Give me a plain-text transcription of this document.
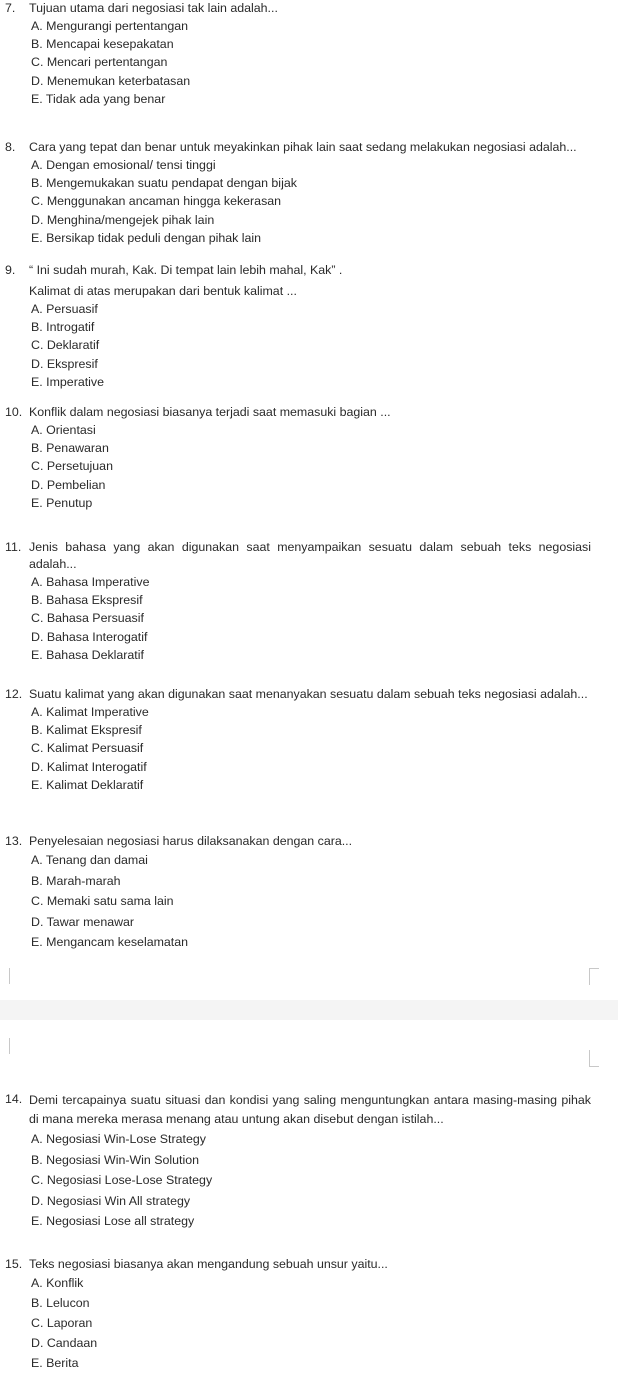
7.	Tujuan utama dari negosiasi tak lain adalah...
A. Mengurangi pertentangan
B. Mencapai kesepakatan
C. Mencari pertentangan
D. Menemukan keterbatasan
E. Tidak ada yang benar
8.	Cara yang tepat dan benar untuk meyakinkan pihak lain saat sedang melakukan negosiasi adalah...
A. Dengan emosional/ tensi tinggi
B. Mengemukakan suatu pendapat dengan bijak
C. Menggunakan ancaman hingga kekerasan
D. Menghina/mengejek pihak lain
E. Bersikap tidak peduli dengan pihak lain
9.	“ Ini sudah murah, Kak. Di tempat lain lebih mahal, Kak” .
Kalimat di atas merupakan dari bentuk kalimat ...
A. Persuasif
B. Introgatif
C. Deklaratif
D. Ekspresif
E. Imperative
10. Konflik dalam negosiasi biasanya terjadi saat memasuki bagian ...
A. Orientasi
B. Penawaran
C. Persetujuan
D. Pembelian
E. Penutup
11. Jenis bahasa yang akan digunakan saat menyampaikan sesuatu dalam sebuah teks negosiasi adalah...
A. Bahasa Imperative
B. Bahasa Ekspresif
C. Bahasa Persuasif
D. Bahasa Interogatif
E. Bahasa Deklaratif
12. Suatu kalimat yang akan digunakan saat menanyakan sesuatu dalam sebuah teks negosiasi adalah...
A. Kalimat Imperative
B. Kalimat Ekspresif
C. Kalimat Persuasif
D. Kalimat Interogatif
E. Kalimat Deklaratif
13. Penyelesaian negosiasi harus dilaksanakan dengan cara...
A. Tenang dan damai
B. Marah-marah
C. Memaki satu sama lain
D. Tawar menawar
E. Mengancam keselamatan
14. Demi tercapainya suatu situasi dan kondisi yang saling menguntungkan antara masing-masing pihak di mana mereka merasa menang atau untung akan disebut dengan istilah...
A. Negosiasi Win-Lose Strategy
B. Negosiasi Win-Win Solution
C. Negosiasi Lose-Lose Strategy
D. Negosiasi Win All strategy
E. Negosiasi Lose all strategy
15. Teks negosiasi biasanya akan mengandung sebuah unsur yaitu...
A. Konflik
B. Lelucon
C. Laporan
D. Candaan
E. Berita
